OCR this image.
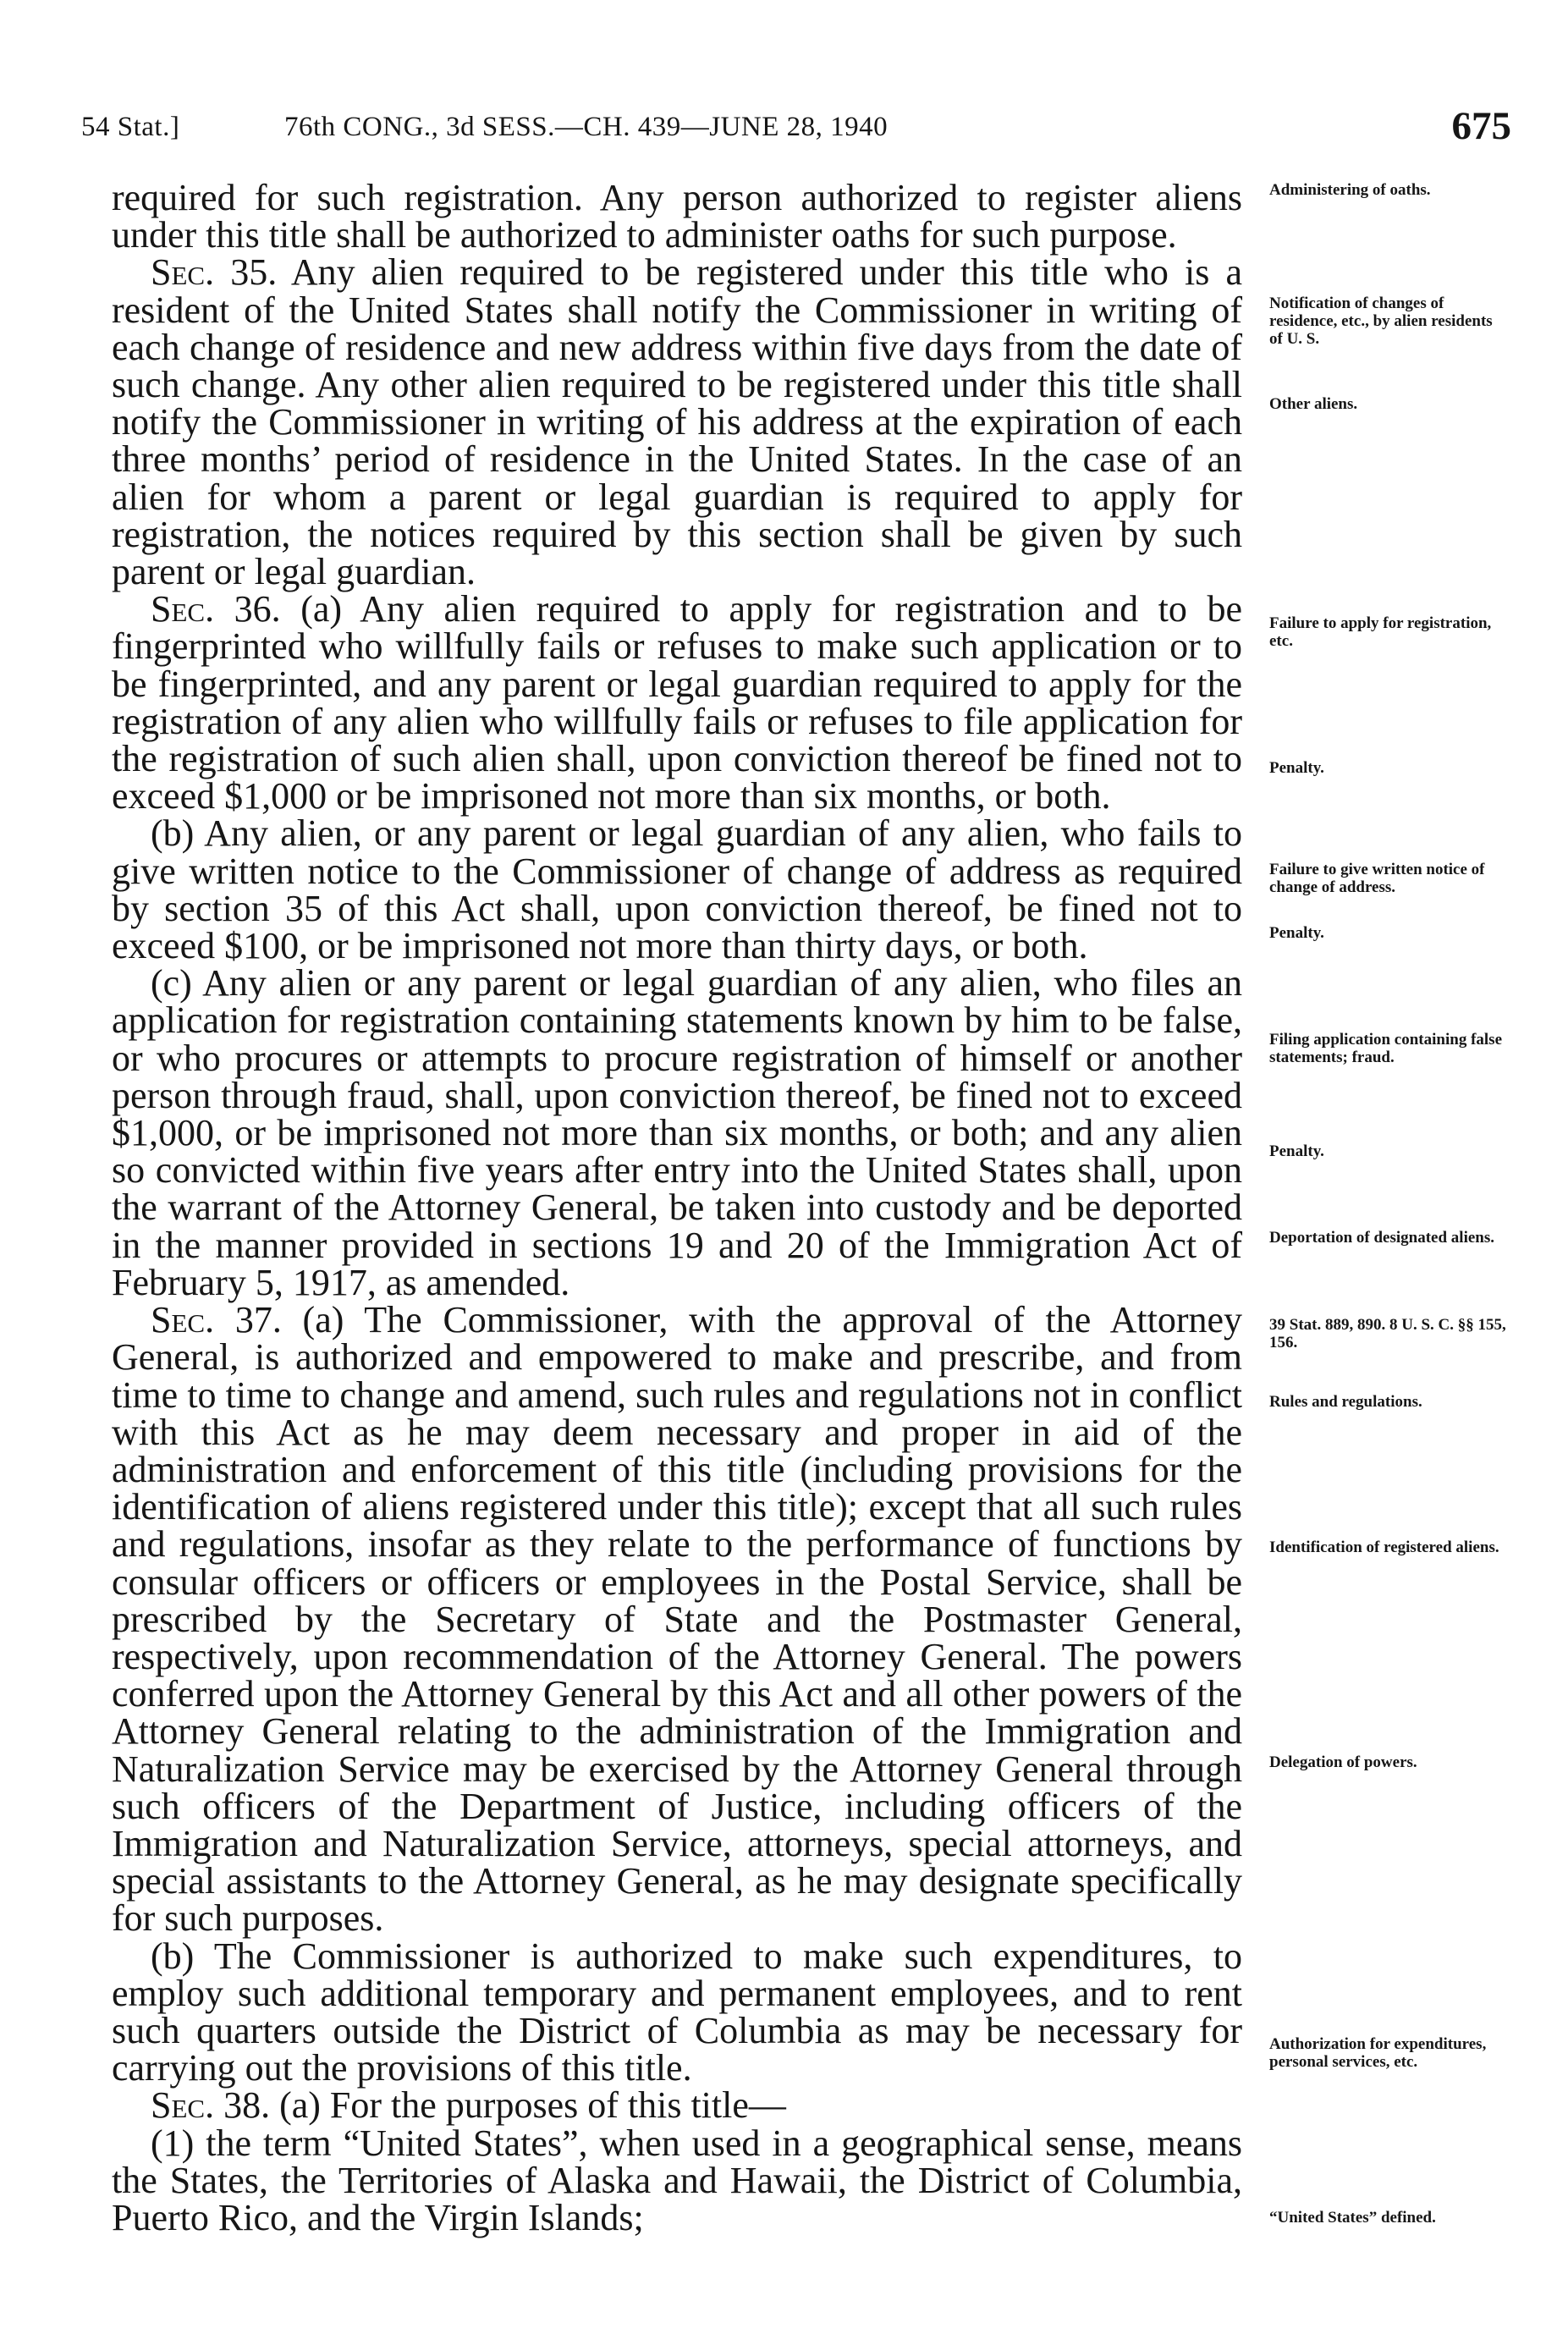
54 Stat.]	76th CONG., 3d SESS.—CH. 439—JUNE 28, 1940	675

required for such registration. Any person authorized to register aliens under this title shall be authorized to administer oaths for such purpose.

Sec. 35. Any alien required to be registered under this title who is a resident of the United States shall notify the Commissioner in writing of each change of residence and new address within five days from the date of such change. Any other alien required to be registered under this title shall notify the Commissioner in writing of his address at the expiration of each three months’ period of residence in the United States. In the case of an alien for whom a parent or legal guardian is required to apply for registration, the notices required by this section shall be given by such parent or legal guardian.

Sec. 36. (a) Any alien required to apply for registration and to be fingerprinted who willfully fails or refuses to make such application or to be fingerprinted, and any parent or legal guardian required to apply for the registration of any alien who willfully fails or refuses to file application for the registration of such alien shall, upon conviction thereof be fined not to exceed $1,000 or be imprisoned not more than six months, or both.

(b) Any alien, or any parent or legal guardian of any alien, who fails to give written notice to the Commissioner of change of address as required by section 35 of this Act shall, upon conviction thereof, be fined not to exceed $100, or be imprisoned not more than thirty days, or both.

(c) Any alien or any parent or legal guardian of any alien, who files an application for registration containing statements known by him to be false, or who procures or attempts to procure registration of himself or another person through fraud, shall, upon conviction thereof, be fined not to exceed $1,000, or be imprisoned not more than six months, or both; and any alien so convicted within five years after entry into the United States shall, upon the warrant of the Attorney General, be taken into custody and be deported in the manner provided in sections 19 and 20 of the Immigration Act of February 5, 1917, as amended.

Sec. 37. (a) The Commissioner, with the approval of the Attorney General, is authorized and empowered to make and prescribe, and from time to time to change and amend, such rules and regulations not in conflict with this Act as he may deem necessary and proper in aid of the administration and enforcement of this title (including provisions for the identification of aliens registered under this title); except that all such rules and regulations, insofar as they relate to the performance of functions by consular officers or officers or employees in the Postal Service, shall be prescribed by the Secretary of State and the Postmaster General, respectively, upon recommendation of the Attorney General. The powers conferred upon the Attorney General by this Act and all other powers of the Attorney General relating to the administration of the Immigration and Naturalization Service may be exercised by the Attorney General through such officers of the Department of Justice, including officers of the Immigration and Naturalization Service, attorneys, special attorneys, and special assistants to the Attorney General, as he may designate specifically for such purposes.

(b) The Commissioner is authorized to make such expenditures, to employ such additional temporary and permanent employees, and to rent such quarters outside the District of Columbia as may be necessary for carrying out the provisions of this title.

Sec. 38. (a) For the purposes of this title—

(1) the term “United States”, when used in a geographical sense, means the States, the Territories of Alaska and Hawaii, the District of Columbia, Puerto Rico, and the Virgin Islands;

Administering of oaths.
Notification of changes of residence, etc., by alien residents of U. S.
Other aliens.
Failure to apply for registration, etc.
Penalty.
Failure to give written notice of change of address.
Penalty.
Filing application containing false statements; fraud.
Penalty.
Deportation of designated aliens.
39 Stat. 889, 890. 8 U. S. C. §§ 155, 156.
Rules and regulations.
Identification of registered aliens.
Delegation of powers.
Authorization for expenditures, personal services, etc.
“United States” defined.
